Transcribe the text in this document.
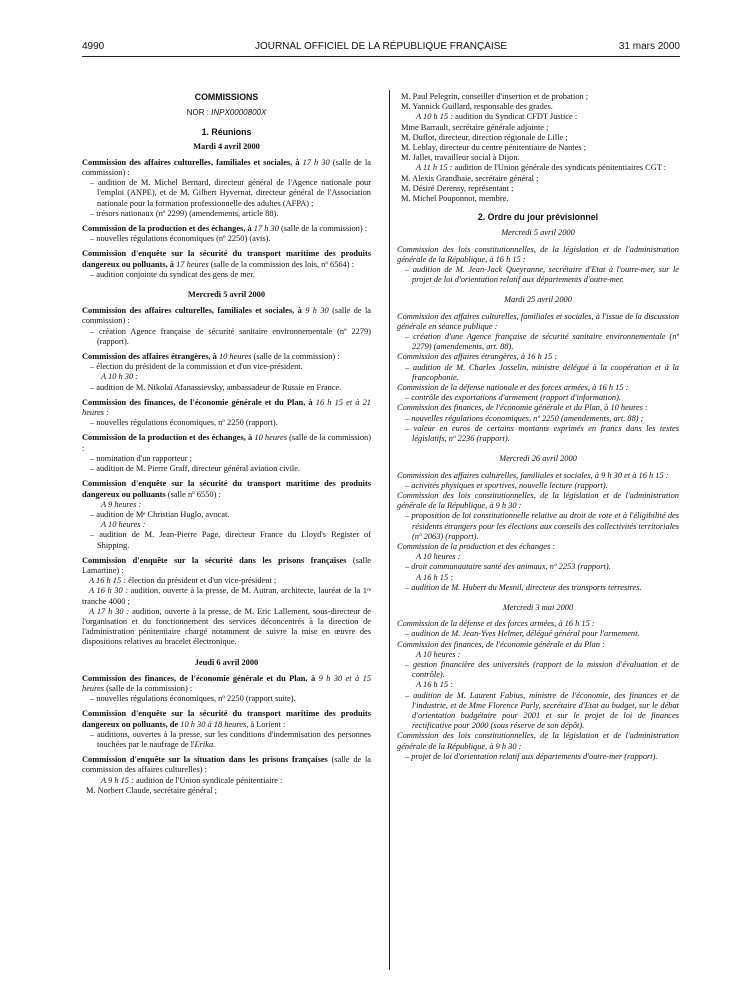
4990	JOURNAL OFFICIEL DE LA RÉPUBLIQUE FRANÇAISE	31 mars 2000
COMMISSIONS
NOR : INPX0000800X
1. Réunions
Mardi 4 avril 2000

Commission des affaires culturelles, familiales et sociales, à 17 h 30 (salle de la commission) :

– audition de M. Michel Bernard, directeur général de l'Agence nationale pour l'emploi (ANPE), et de M. Gilbert Hyvernat, directeur général de l'Association nationale pour la formation professionnelle des adultes (AFPA) ;

– trésors nationaux (nº 2299) (amendements, article 88).

Commission de la production et des échanges, à 17 h 30 (salle de la commission) :

– nouvelles régulations économiques (nº 2250) (avis).

Commission d'enquête sur la sécurité du transport maritime des produits dangereux ou polluants, à 17 heures (salle de la commission des lois, nº 6564) :

– audition conjointe du syndicat des gens de mer.

Mercredi 5 avril 2000

Commission des affaires culturelles, familiales et sociales, à 9 h 30 (salle de la commission) :

– création Agence française de sécurité sanitaire environnementale (nº 2279) (rapport).

Commission des affaires étrangères, à 10 heures (salle de la commission) :

– élection du président de la commission et d'un vice-président.

A 10 h 30 :

– audition de M. Nikolaï Afanassievsky, ambassadeur de Russie en France.

Commission des finances, de l'économie générale et du Plan, à 16 h 15 et à 21 heures :

– nouvelles régulations économiques, nº 2250 (rapport).

Commission de la production et des échanges, à 10 heures (salle de la commission) :

– nomination d'un rapporteur ;

– audition de M. Pierre Graff, directeur général aviation civile.

Commission d'enquête sur la sécurité du transport maritime des produits dangereux ou polluants (salle nº 6550) :

A 9 heures :

– audition de Mᵉ Christian Huglo, avocat.

A 10 heures :

– audition de M. Jean-Pierre Page, directeur France du Lloyd's Register of Shipping.

Commission d'enquête sur la sécurité dans les prisons françaises (salle Lamartine) :

A 16 h 15 : élection du président et d'un vice-président ;

A 16 h 30 : audition, ouverte à la presse, de M. Autran, architecte, lauréat de la 1ʳᵉ tranche 4000 ;

A 17 h 30 : audition, ouverte à la presse, de M. Eric Lallement, sous-directeur de l'organisation et du fonctionnement des services déconcentrés à la direction de l'administration pénitentiaire chargé notamment de suivre la mise en œuvre des dispositions relatives au bracelet électronique.

Jeudi 6 avril 2000

Commission des finances, de l'économie générale et du Plan, à 9 h 30 et à 15 heures (salle de la commission) :

– nouvelles régulations économiques, nº 2250 (rapport suite).

Commission d'enquête sur la sécurité du transport maritime des produits dangereux ou polluants, de 10 h 30 à 18 heures, à Lorient :

– auditions, ouvertes à la presse, sur les conditions d'indemnisation des personnes touchées par le naufrage de l'Erika.

Commission d'enquête sur la situation dans les prisons françaises (salle de la commission des affaires culturelles) :

A 9 h 15 : audition de l'Union syndicale pénitentiaire :

M. Norbert Claude, secrétaire général ;

M. Paul Pelegrin, conseiller d'insertion et de probation ;

M. Yannick Guillard, responsable des grades.

A 10 h 15 : audition du Syndicat CFDT Justice :

Mme Barrault, secrétaire générale adjointe ;

M. Duflot, directeur, direction régionale de Lille ;

M. Leblay, directeur du centre pénitentiaire de Nantes ;

M. Jallet, travailleur social à Dijon.

A 11 h 15 : audition de l'Union générale des syndicats pénitentiaires CGT :

M. Alexis Grandhaie, secrétaire général ;

M. Désiré Derensy, représentant ;

M. Michel Pouponnot, membre.

2. Ordre du jour prévisionnel
Mercredi 5 avril 2000

Commission des lois constitutionnelles, de la législation et de l'administration générale de la République, à 16 h 15 :

– audition de M. Jean-Jack Queyranne, secrétaire d'Etat à l'outre-mer, sur le projet de loi d'orientation relatif aux départements d'outre-mer.

Mardi 25 avril 2000

Commission des affaires culturelles, familiales et sociales, à l'issue de la discussion générale en séance publique :

– création d'une Agence française de sécurité sanitaire environnementale (nº 2279) (amendements, art. 88).

Commission des affaires étrangères, à 16 h 15 :

– audition de M. Charles Josselin, ministre délégué à la coopération et à la francophonie.

Commission de la défense nationale et des forces armées, à 16 h 15 :

– contrôle des exportations d'armement (rapport d'information).

Commission des finances, de l'économie générale et du Plan, à 10 heures :

– nouvelles régulations économiques, nº 2250 (amendements, art. 88) ;

– valeur en euros de certains montants exprimés en francs dans les textes législatifs, nº 2236 (rapport).

Mercredi 26 avril 2000

Commission des affaires culturelles, familiales et sociales, à 9 h 30 et à 16 h 15 :

– activités physiques et sportives, nouvelle lecture (rapport).

Commission des lois constitutionnelles, de la législation et de l'administration générale de la République, à 9 h 30 :

– proposition de loi constitutionnelle relative au droit de vote et à l'éligibilité des résidents étrangers pour les élections aux conseils des collectivités territoriales (nº 2063) (rapport).

Commission de la production et des échanges :

A 10 heures :

– droit communautaire santé des animaux, nº 2253 (rapport).

A 16 h 15 :

– audition de M. Hubert du Mesnil, directeur des transports terrestres.

Mercredi 3 mai 2000

Commission de la défense et des forces armées, à 16 h 15 :

– audition de M. Jean-Yves Helmer, délégué général pour l'armement.

Commission des finances, de l'économie générale et du Plan :

A 10 heures :

– gestion financière des universités (rapport de la mission d'évaluation et de contrôle).

A 16 h 15 :

– audition de M. Laurent Fabius, ministre de l'économie, des finances et de l'industrie, et de Mme Florence Parly, secrétaire d'Etat au budget, sur le débat d'orientation budgétaire pour 2001 et sur le projet de loi de finances rectificative pour 2000 (sous réserve de son dépôt).

Commission des lois constitutionnelles, de la législation et de l'administration générale de la République, à 9 h 30 :

– projet de loi d'orientation relatif aux départements d'outre-mer (rapport).
